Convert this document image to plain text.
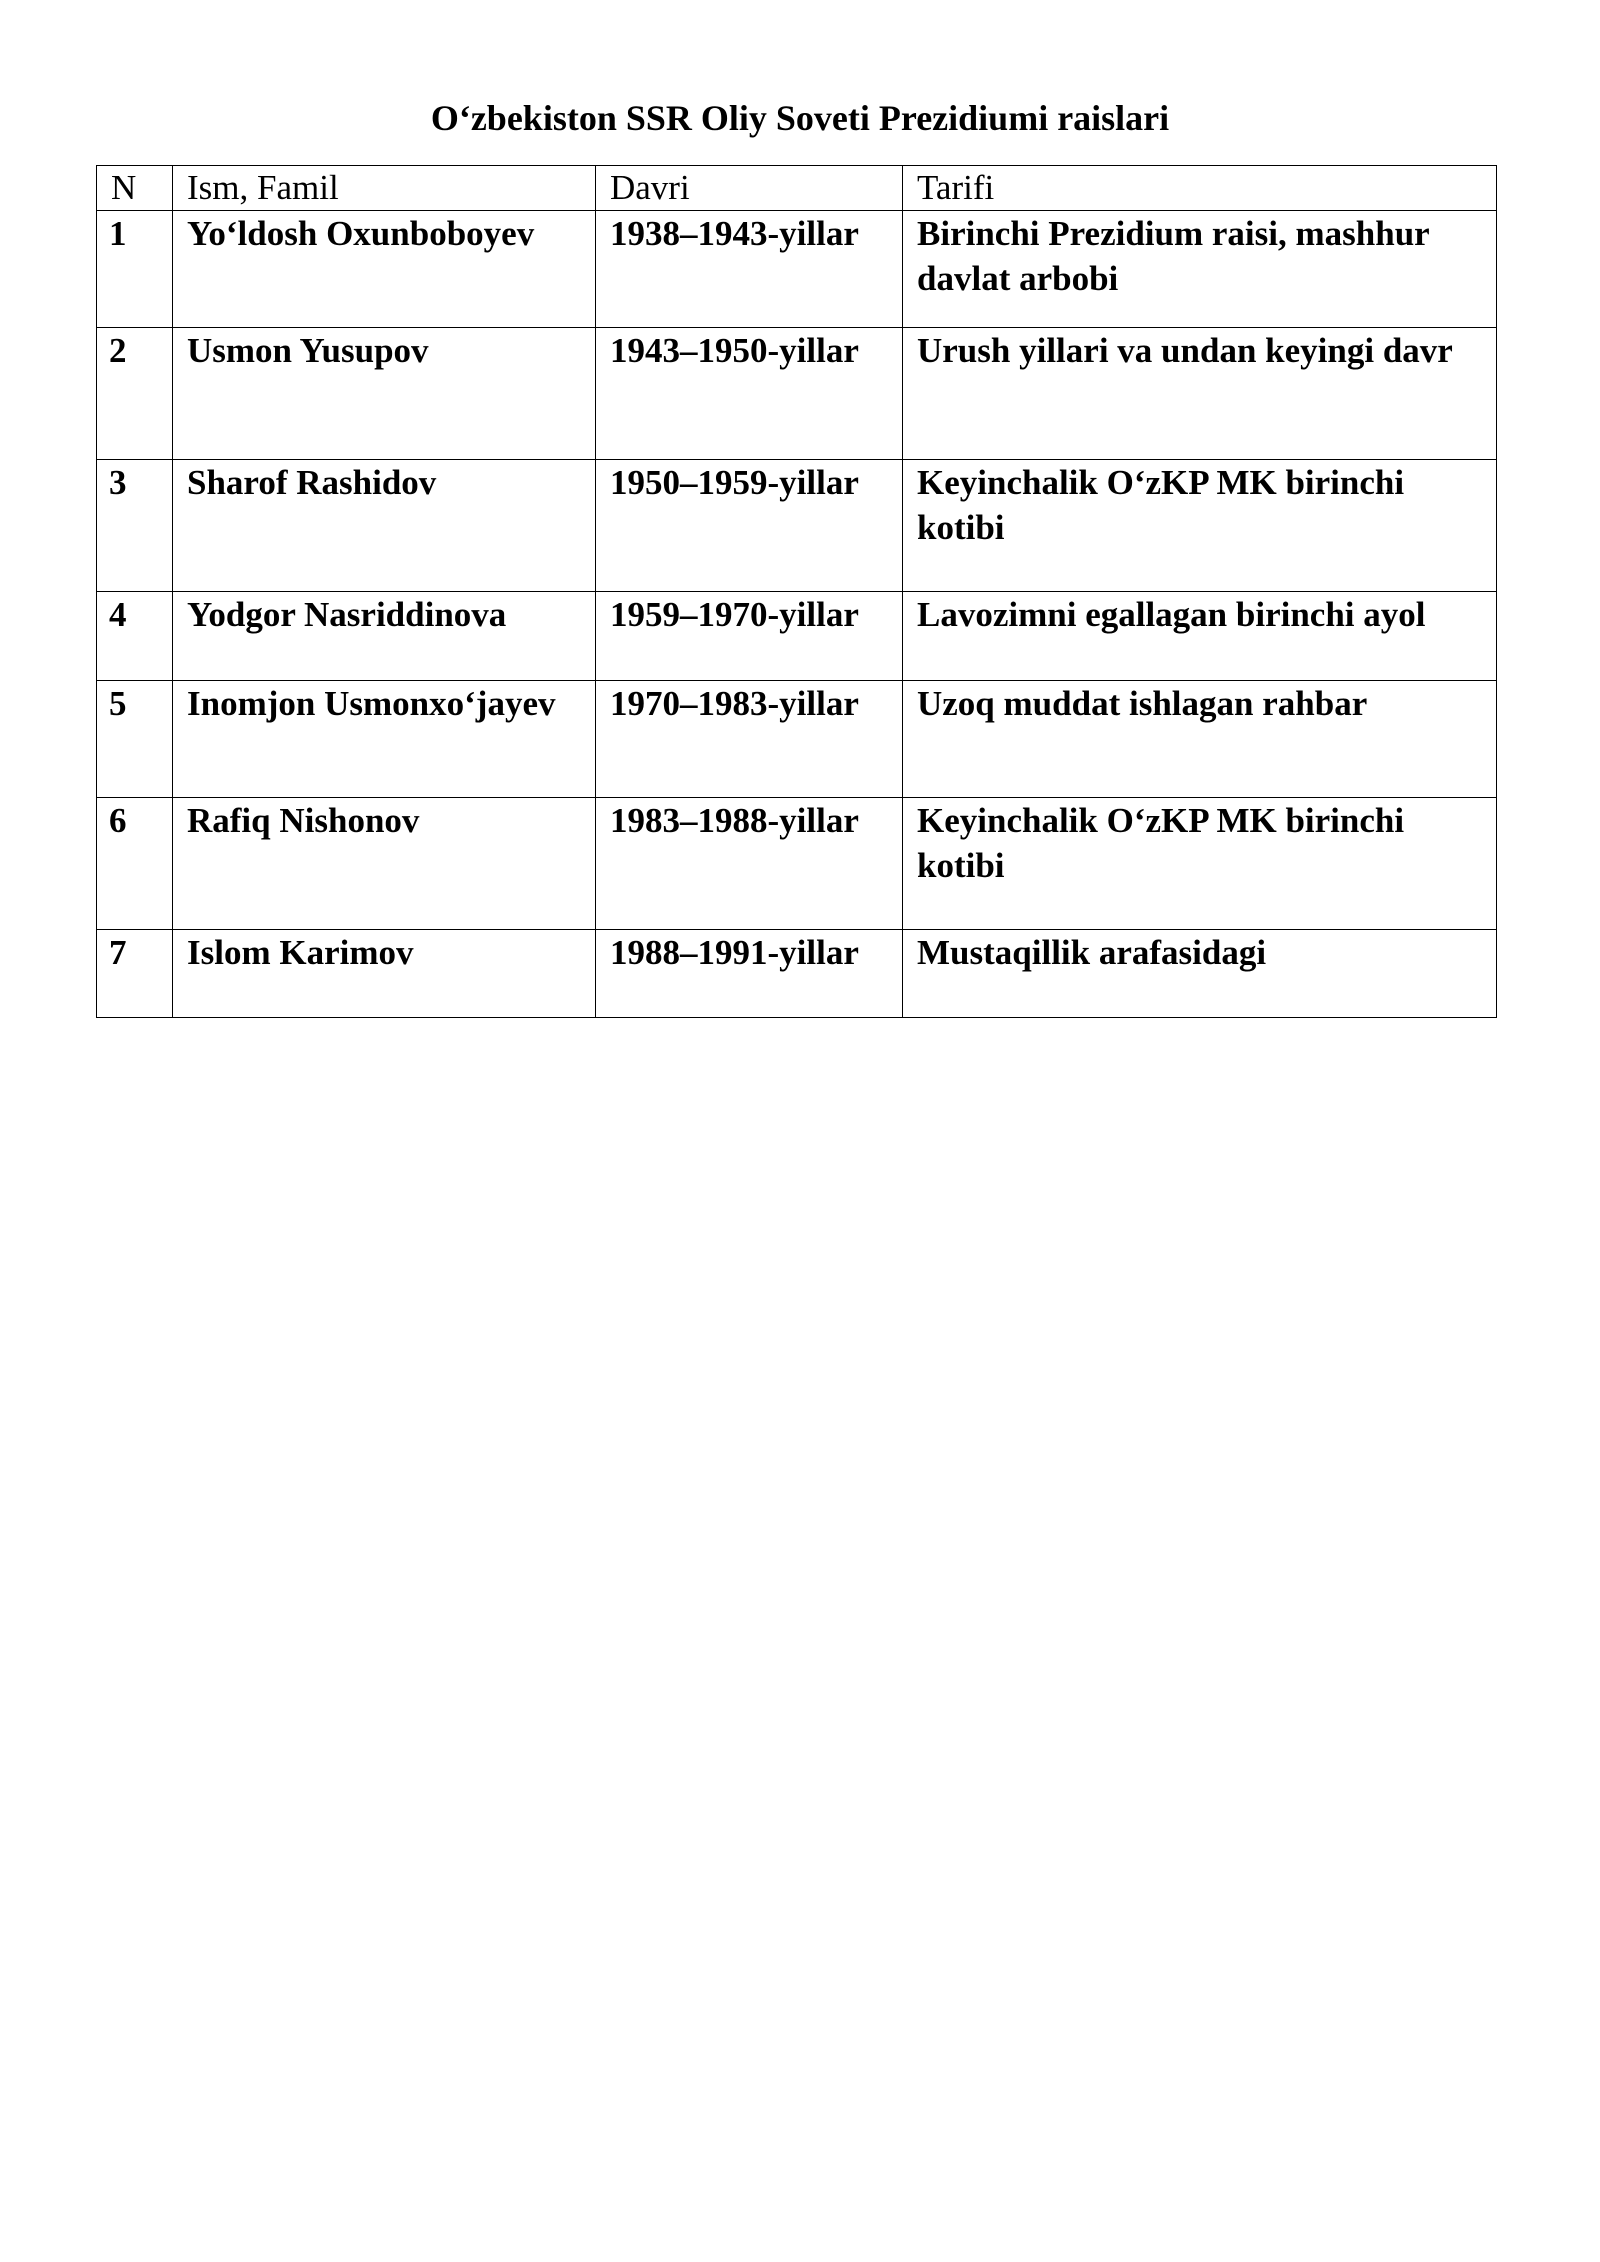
O‘zbekiston SSR Oliy Soveti Prezidiumi raislari
N	Ism, Famil	Davri	Tarifi
1	Yo‘ldosh Oxunboboyev	1938–1943-yillar	Birinchi Prezidium raisi, mashhur davlat arbobi
2	Usmon Yusupov	1943–1950-yillar	Urush yillari va undan keyingi davr
3	Sharof Rashidov	1950–1959-yillar	Keyinchalik O‘zKP MK birinchi kotibi
4	Yodgor Nasriddinova	1959–1970-yillar	Lavozimni egallagan birinchi ayol
5	Inomjon Usmonxo‘jayev	1970–1983-yillar	Uzoq muddat ishlagan rahbar
6	Rafiq Nishonov	1983–1988-yillar	Keyinchalik O‘zKP MK birinchi kotibi
7	Islom Karimov	1988–1991-yillar	Mustaqillik arafasidagi
